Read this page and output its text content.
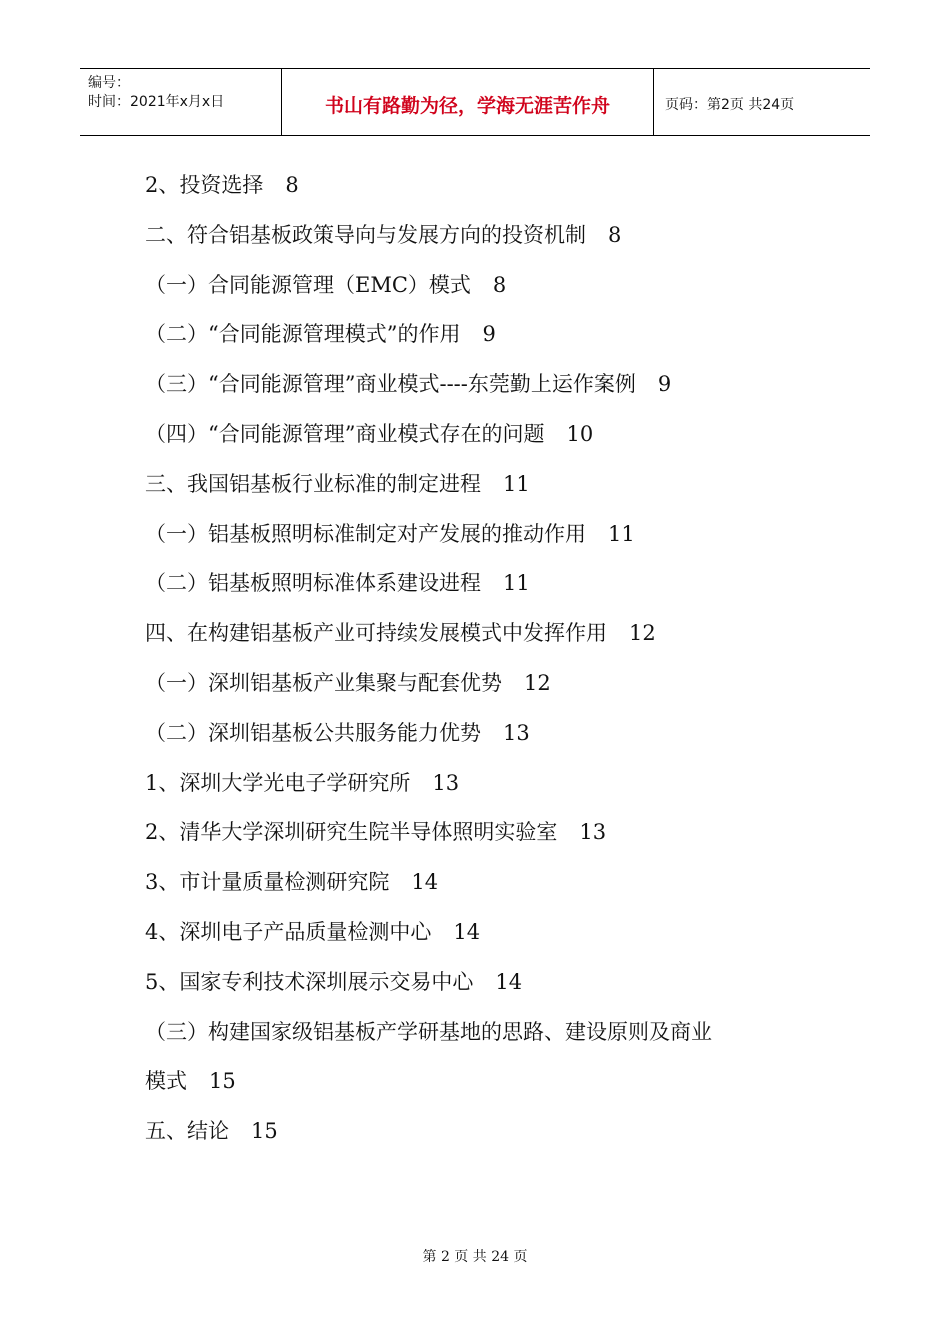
编号：
时间：2021年x月x日	书山有路勤为径，学海无涯苦作舟	页码：第2页 共24页
2、投资选择 8
二、符合铝基板政策导向与发展方向的投资机制 8
（一）合同能源管理（EMC）模式 8
（二）“合同能源管理模式”的作用 9
（三）“合同能源管理”商业模式----东莞勤上运作案例 9
（四）“合同能源管理”商业模式存在的问题 10
三、我国铝基板行业标准的制定进程 11
（一）铝基板照明标准制定对产发展的推动作用 11
（二）铝基板照明标准体系建设进程 11
四、在构建铝基板产业可持续发展模式中发挥作用 12
（一）深圳铝基板产业集聚与配套优势 12
（二）深圳铝基板公共服务能力优势 13
1、深圳大学光电子学研究所 13
2、清华大学深圳研究生院半导体照明实验室 13
3、市计量质量检测研究院 14
4、深圳电子产品质量检测中心 14
5、国家专利技术深圳展示交易中心 14
（三）构建国家级铝基板产学研基地的思路、建设原则及商业
模式 15
五、结论 15
第 2 页 共 24 页
